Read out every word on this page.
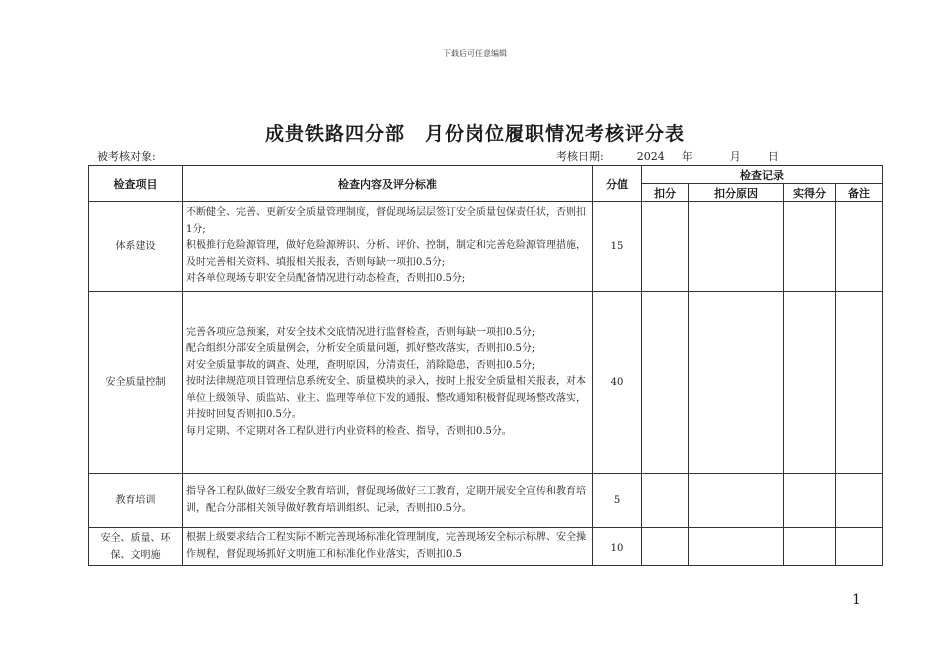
下载后可任意编辑
成贵铁路四分部　月份岗位履职情况考核评分表
被考核对象:	考核日期:	2024 年	月 日
检查项目	检查内容及评分标准	分值	检查记录			
			扣分	扣分原因	实得分	备注
体系建设	不断健全、完善、更新安全质量管理制度，督促现场层层签订安全质量包保责任状，否则扣1分;

积极推行危险源管理，做好危险源辨识、分析、评价、控制，制定和完善危险源管理措施，及时完善相关资料、填报相关报表，否则每缺一项扣0.5分;

对各单位现场专职安全员配备情况进行动态检查，否则扣0.5分;	15				
安全质量控制	完善各项应急预案，对安全技术交底情况进行监督检查，否则每缺一项扣0.5分;

配合组织分部安全质量例会，分析安全质量问题，抓好整改落实，否则扣0.5分;

对安全质量事故的调查、处理，查明原因，分清责任，消除隐患，否则扣0.5分;

按时法律规范项目管理信息系统安全、质量模块的录入，按时上报安全质量相关报表，对本单位上级领导、质监站、业主、监理等单位下发的通报、整改通知积极督促现场整改落实，并按时回复否则扣0.5分。

每月定期、不定期对各工程队进行内业资料的检查、指导，否则扣0.5分。	40				
教育培训	指导各工程队做好三级安全教育培训，督促现场做好三工教育，定期开展安全宣传和教育培训，配合分部相关领导做好教育培训组织、记录，否则扣0.5分。	5				

安全、质量、环保、文明施	根据上级要求结合工程实际不断完善现场标准化管理制度，完善现场安全标示标牌、安全操作规程，督促现场抓好文明施工和标准化作业落实，否则扣0.5	10				

1
